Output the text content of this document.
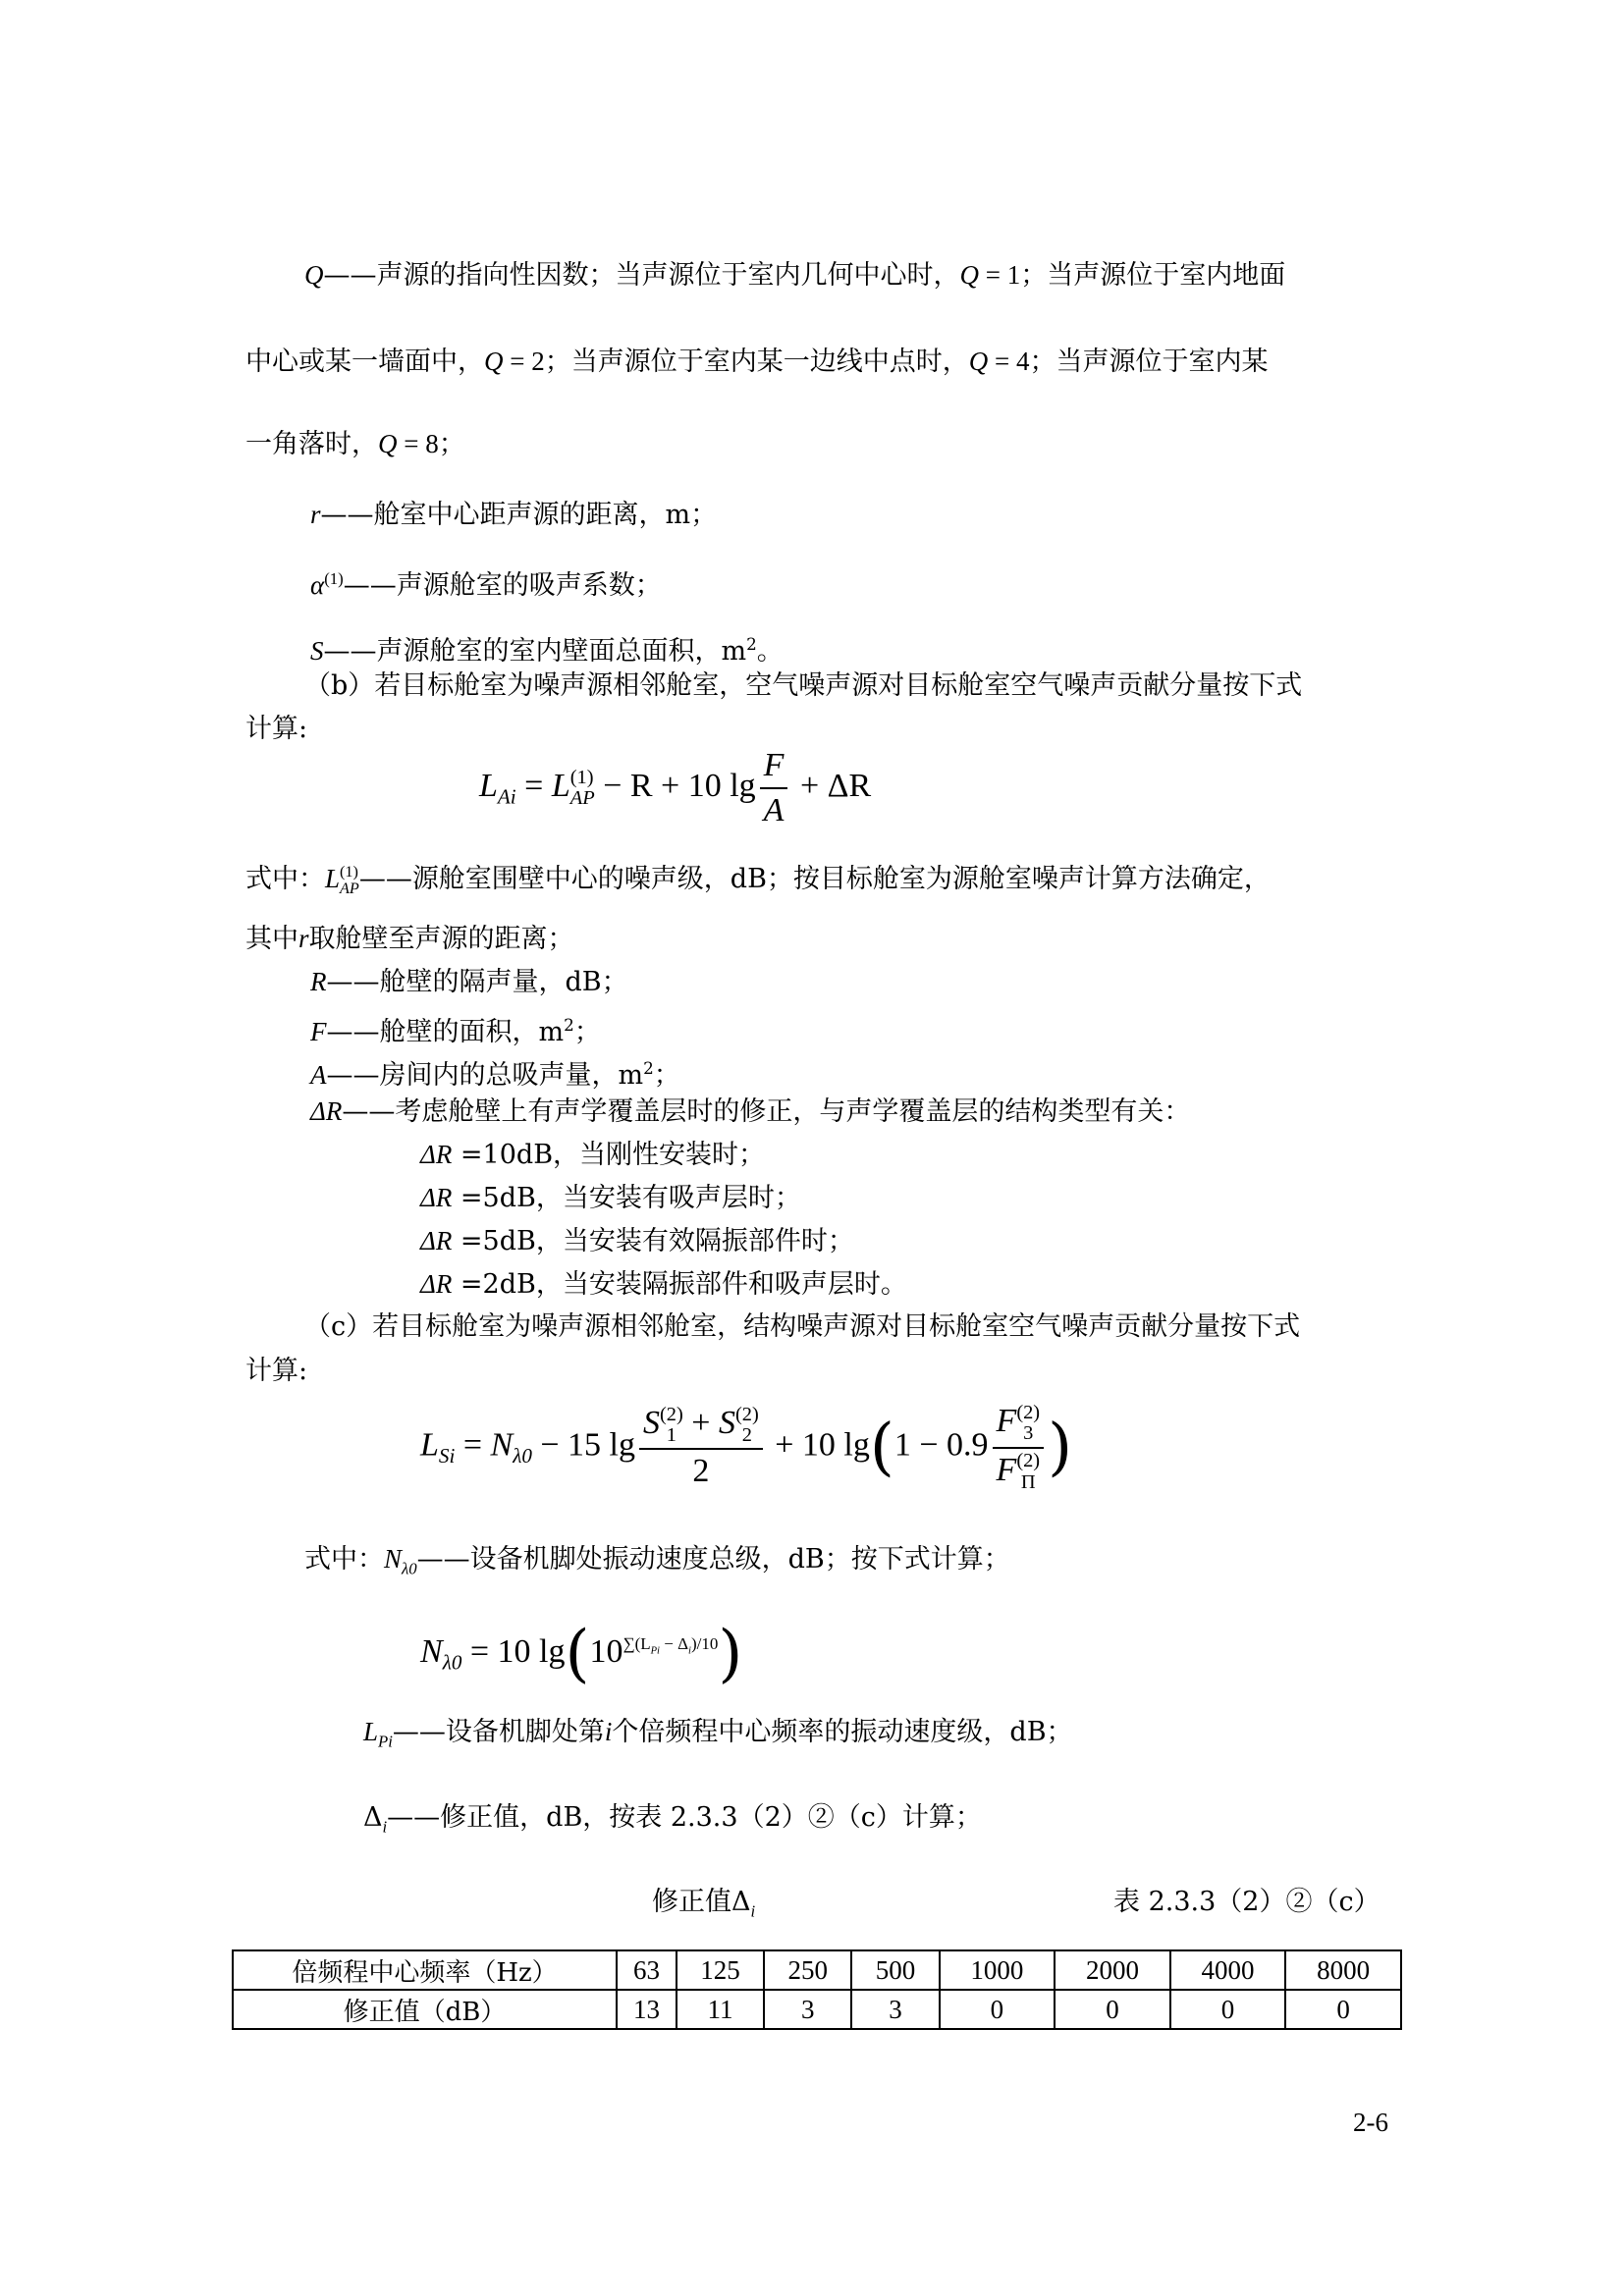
Q——声源的指向性因数；当声源位于室内几何中心时，Q = 1；当声源位于室内地面
中心或某一墙面中，Q = 2；当声源位于室内某一边线中点时，Q = 4；当声源位于室内某
一角落时，Q = 8；
r——舱室中心距声源的距离，m；
$\alpha^{(1)}——$声源舱室的吸声系数；
S——声源舱室的室内壁面总面积，$m^2$。
（b）若目标舱室为噪声源相邻舱室，空气噪声源对目标舱室空气噪声贡献分量按下式
计算:
$L_{Ai} = L$ (1)
AP − R + 10 $\lg \frac{F}{A} + \Delta R$
式中：L (1)
AP ——源舱室围壁中心的噪声级，dB；按目标舱室为源舱室噪声计算方法确定，
其中r取舱壁至声源的距离；
R——舱壁的隔声量，dB；
F——舱壁的面积，$m^2$；
A——房间内的总吸声量，$m^2$；
ΔR——考虑舱壁上有声学覆盖层时的修正，与声学覆盖层的结构类型有关：
ΔR =10dB，当刚性安装时；
ΔR =5dB，当安装有吸声层时；
ΔR =5dB，当安装有效隔振部件时；
ΔR =2dB，当安装隔振部件和吸声层时。
（c）若目标舱室为噪声源相邻舱室，结构噪声源对目标舱室空气噪声贡献分量按下式
计算:
$L_{Si} = N_{\lambda 0} - 15$ lg S (2)
1 + S (2)
2
2 + 10 lg(1 − 0.9 F (2)
3
F (2)
Π )
式中：$N_{\lambda 0}——$设备机脚处振动速度总级，dB；按下式计算；
$N_{\lambda 0} = 10$ $\lg(10^{\sum(L_{Pi} - \Delta_i)/10})$
$L_{Pi}——$设备机脚处第i个倍频程中心频率的振动速度级，dB；
$\Delta_i——$修正值，dB，按表 2.3.3（2）②（c）计算；
修正值$\Delta_i$	表 2.3.3（2）②（c）
倍频程中心频率（Hz）	63	125	250	500	1000	2000	4000	8000
修正值（dB）	13	11	3	3	0	0	0	0
2-6
